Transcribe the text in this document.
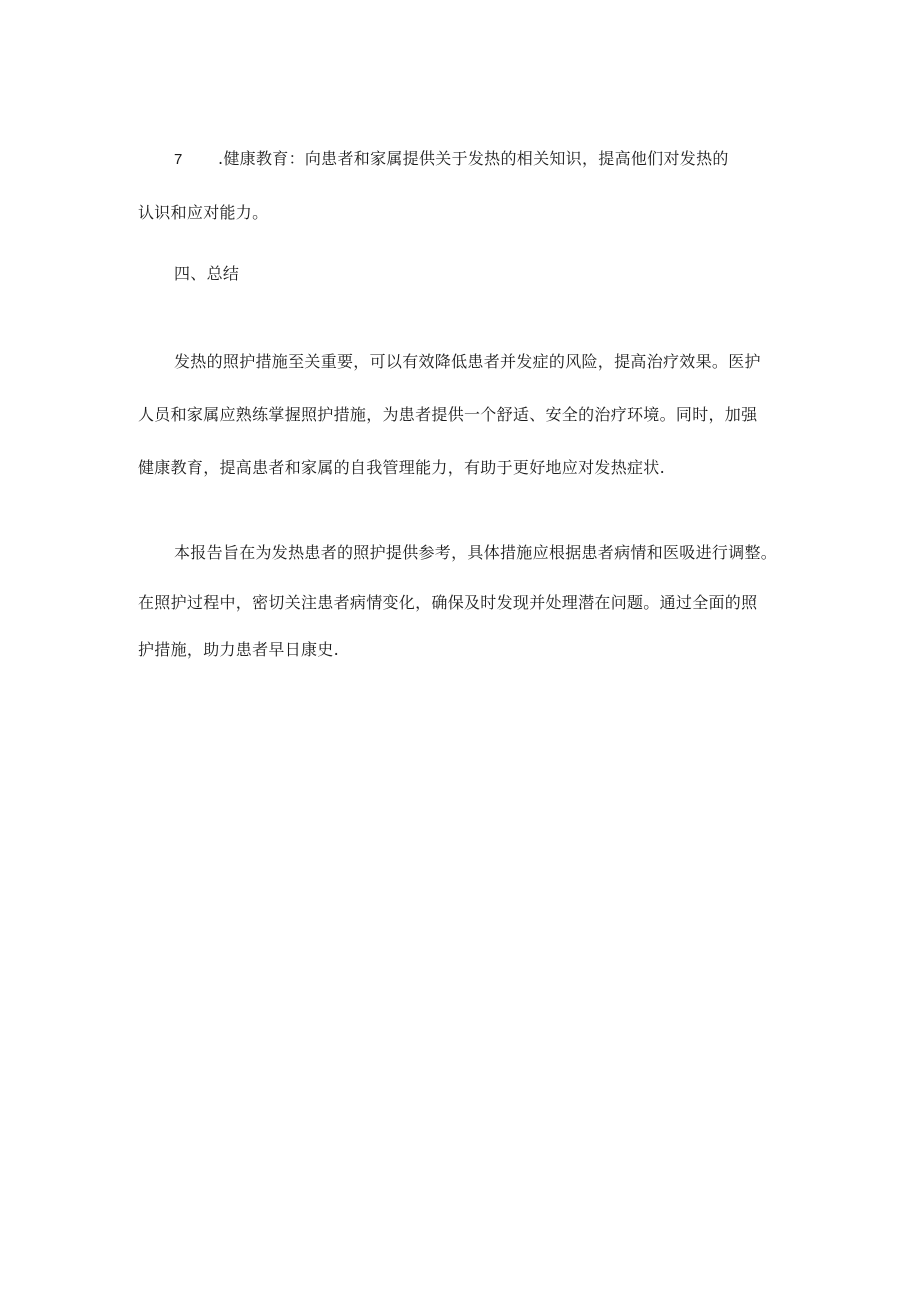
7 .健康教育：向患者和家属提供关于发热的相关知识，提高他们对发热的
认识和应对能力。
四、总结
发热的照护措施至关重要，可以有效降低患者并发症的风险，提高治疗效果。医护
人员和家属应熟练掌握照护措施，为患者提供一个舒适、安全的治疗环境。同时，加强
健康教育，提高患者和家属的自我管理能力，有助于更好地应对发热症状.
本报告旨在为发热患者的照护提供参考，具体措施应根据患者病情和医吸进行调整。
在照护过程中，密切关注患者病情变化，确保及时发现并处理潜在问题。通过全面的照
护措施，助力患者早日康史.
